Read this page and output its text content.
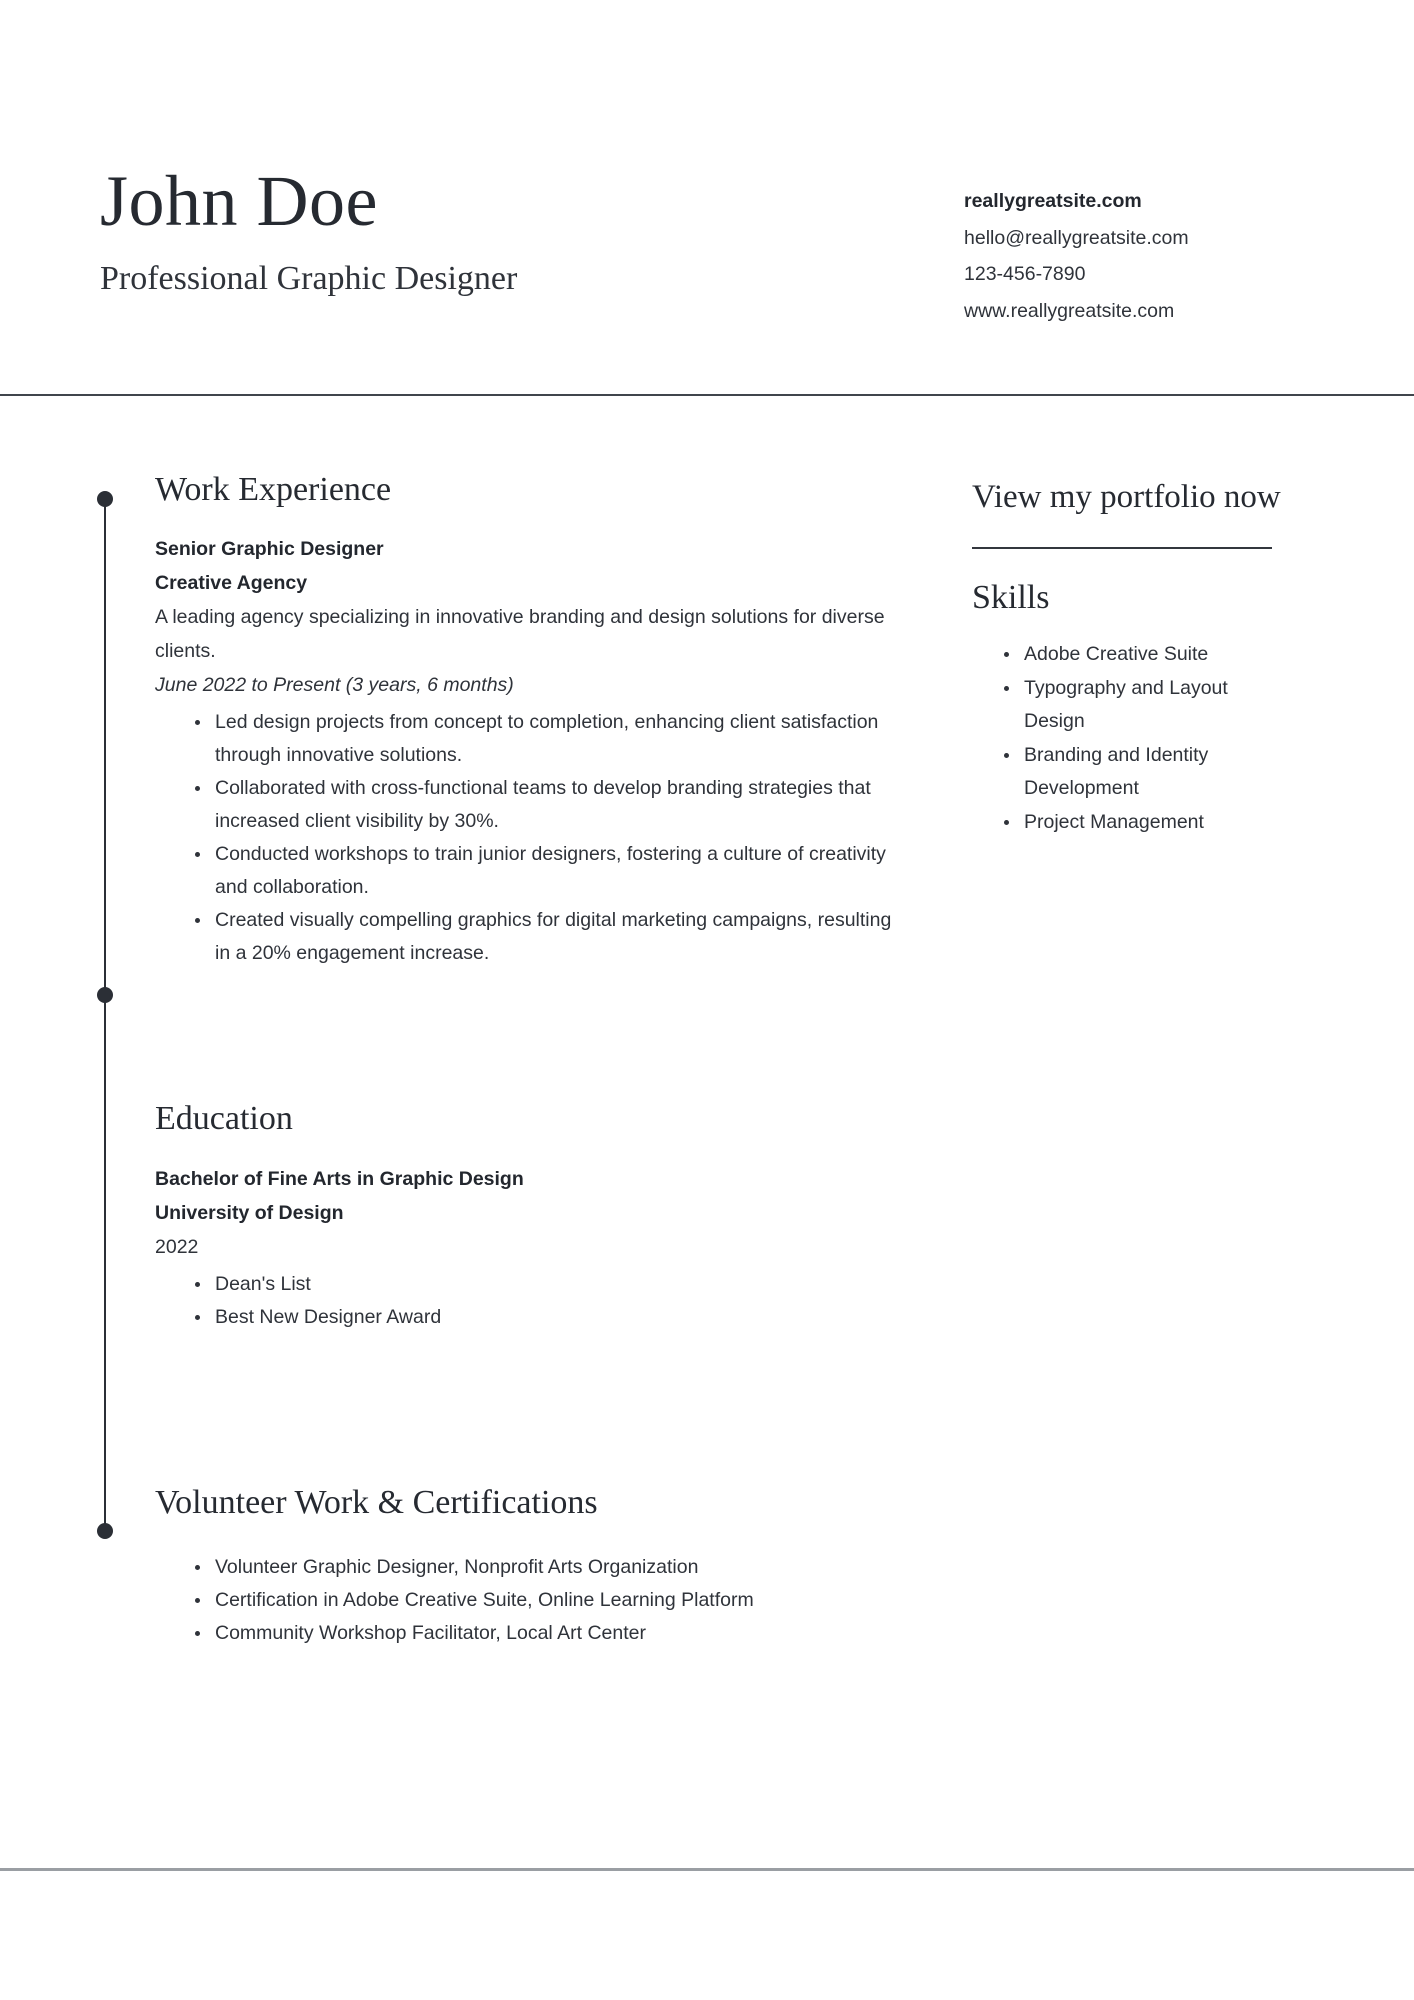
John Doe
Professional Graphic Designer
reallygreatsite.com
hello@reallygreatsite.com
123-456-7890
www.reallygreatsite.com
Work Experience
Senior Graphic Designer
Creative Agency
A leading agency specializing in innovative branding and design solutions for diverse clients.
June 2022 to Present (3 years, 6 months)
Led design projects from concept to completion, enhancing client satisfaction through innovative solutions.
Collaborated with cross-functional teams to develop branding strategies that increased client visibility by 30%.
Conducted workshops to train junior designers, fostering a culture of creativity and collaboration.
Created visually compelling graphics for digital marketing campaigns, resulting in a 20% engagement increase.
Education
Bachelor of Fine Arts in Graphic Design
University of Design
2022
Dean's List
Best New Designer Award
Volunteer Work & Certifications
Volunteer Graphic Designer, Nonprofit Arts Organization
Certification in Adobe Creative Suite, Online Learning Platform
Community Workshop Facilitator, Local Art Center
View my portfolio now
Skills
Adobe Creative Suite
Typography and Layout Design
Branding and Identity Development
Project Management
